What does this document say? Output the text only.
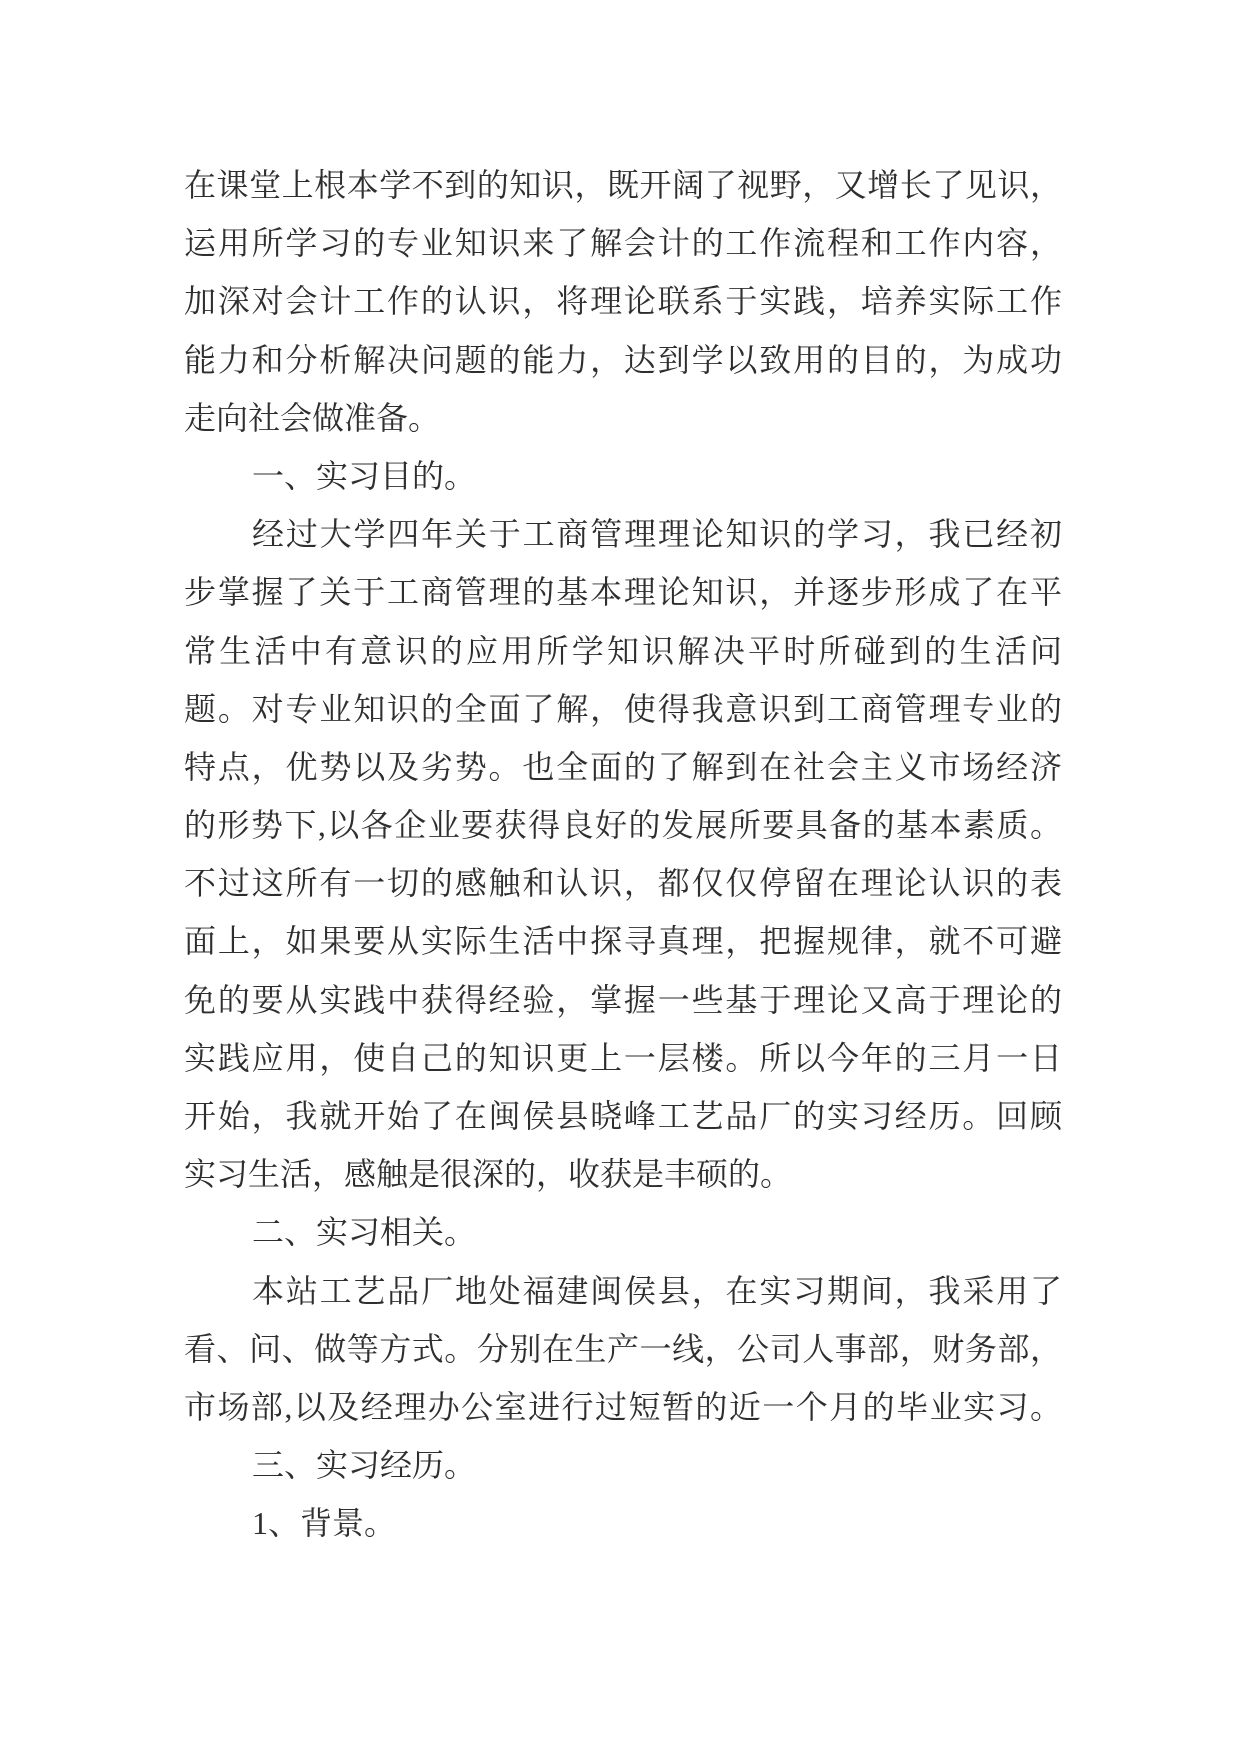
在课堂上根本学不到的知识，既开阔了视野，又增长了见识，
运用所学习的专业知识来了解会计的工作流程和工作内容，
加深对会计工作的认识，将理论联系于实践，培养实际工作
能力和分析解决问题的能力，达到学以致用的目的，为成功
走向社会做准备。
一、实习目的。
经过大学四年关于工商管理理论知识的学习，我已经初
步掌握了关于工商管理的基本理论知识，并逐步形成了在平
常生活中有意识的应用所学知识解决平时所碰到的生活问
题。对专业知识的全面了解，使得我意识到工商管理专业的
特点，优势以及劣势。也全面的了解到在社会主义市场经济
的形势下,以各企业要获得良好的发展所要具备的基本素质。
不过这所有一切的感触和认识，都仅仅停留在理论认识的表
面上，如果要从实际生活中探寻真理，把握规律，就不可避
免的要从实践中获得经验，掌握一些基于理论又高于理论的
实践应用，使自己的知识更上一层楼。所以今年的三月一日
开始，我就开始了在闽侯县晓峰工艺品厂的实习经历。回顾
实习生活，感触是很深的，收获是丰硕的。
二、实习相关。
本站工艺品厂地处福建闽侯县，在实习期间，我采用了
看、问、做等方式。分别在生产一线，公司人事部，财务部，
市场部,以及经理办公室进行过短暂的近一个月的毕业实习。
三、实习经历。
1、背景。
